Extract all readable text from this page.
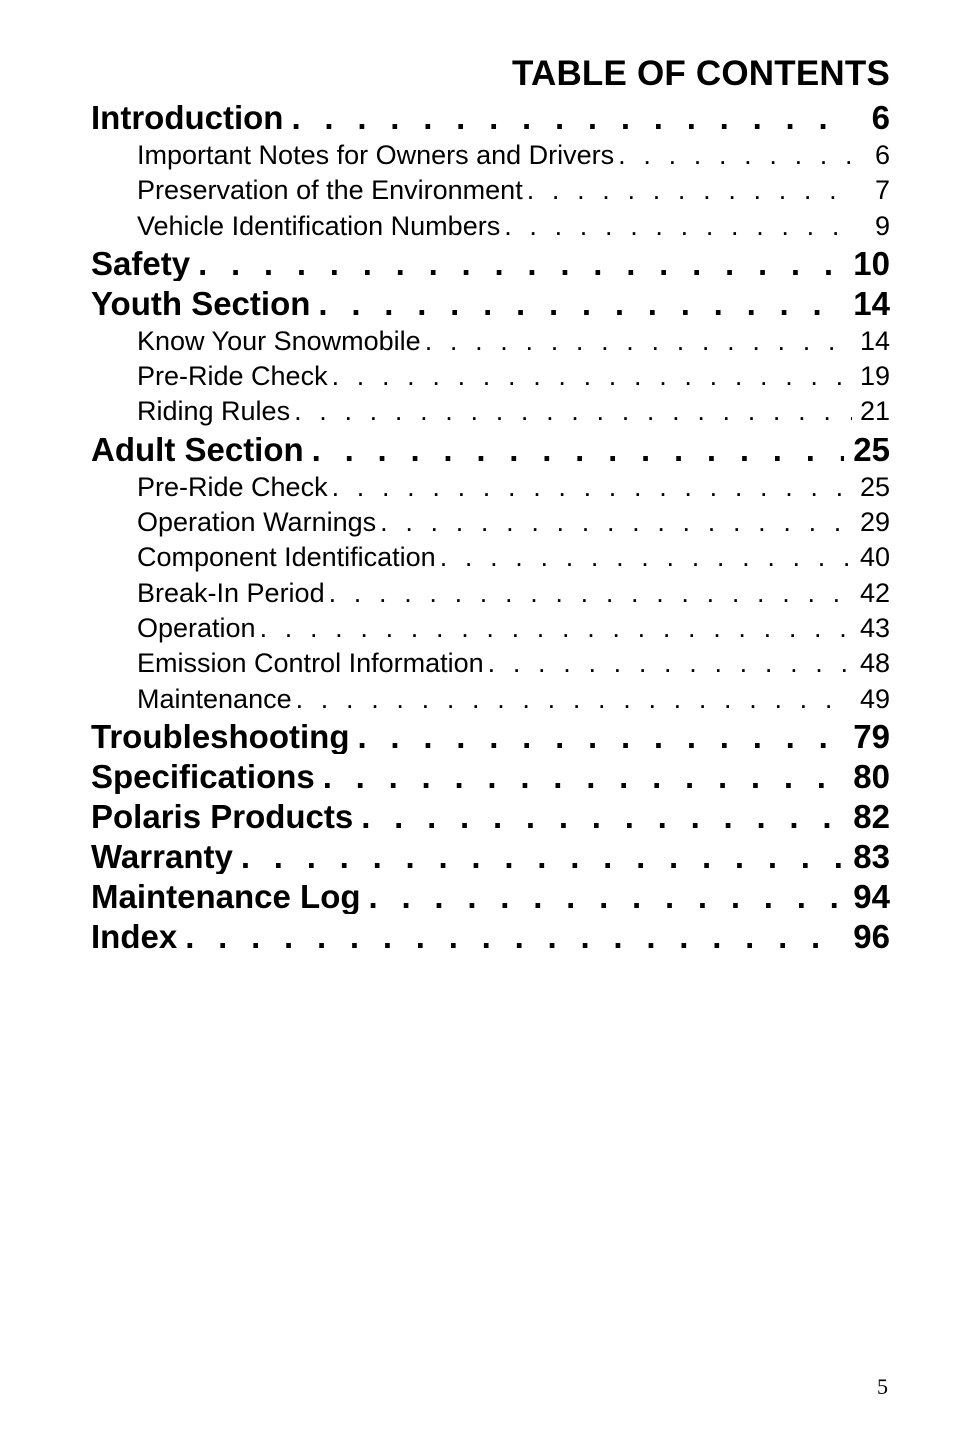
TABLE OF CONTENTS
Introduction . . .	6
Important Notes for Owners and Drivers . . .	6
Preservation of the Environment . . .	7
Vehicle Identification Numbers . . .	9
Safety . . .	10
Youth Section . . .	14
Know Your Snowmobile . . .	14
Pre-Ride Check . . .	19
Riding Rules . . .	21
Adult Section . . .	25
Pre-Ride Check . . .	25
Operation Warnings . . .	29
Component Identification . . .	40
Break-In Period . . .	42
Operation . . .	43
Emission Control Information . . .	48
Maintenance . . .	49
Troubleshooting . . .	79
Specifications . . .	80
Polaris Products . . .	82
Warranty . . .	83
Maintenance Log . . .	94
Index . . .	96
5
